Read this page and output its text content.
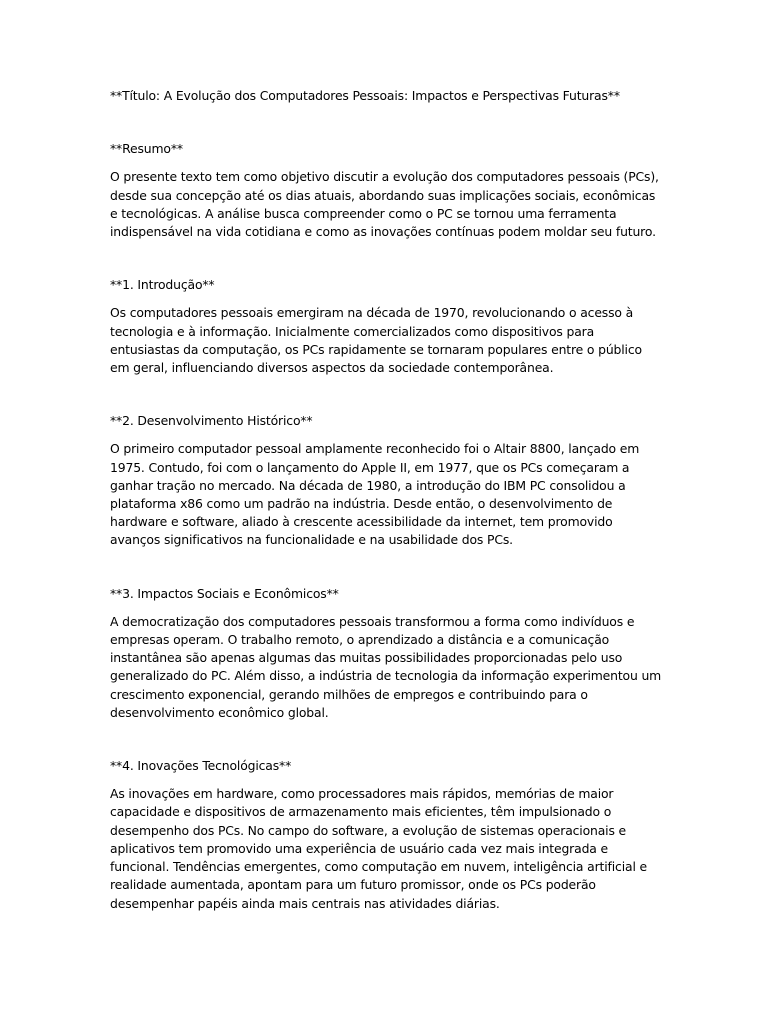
**Título: A Evolução dos Computadores Pessoais: Impactos e Perspectivas Futuras**
**Resumo**
O presente texto tem como objetivo discutir a evolução dos computadores pessoais (PCs), desde sua concepção até os dias atuais, abordando suas implicações sociais, econômicas e tecnológicas. A análise busca compreender como o PC se tornou uma ferramenta indispensável na vida cotidiana e como as inovações contínuas podem moldar seu futuro.
**1. Introdução**
Os computadores pessoais emergiram na década de 1970, revolucionando o acesso à tecnologia e à informação. Inicialmente comercializados como dispositivos para entusiastas da computação, os PCs rapidamente se tornaram populares entre o público em geral, influenciando diversos aspectos da sociedade contemporânea.
**2. Desenvolvimento Histórico**
O primeiro computador pessoal amplamente reconhecido foi o Altair 8800, lançado em 1975. Contudo, foi com o lançamento do Apple II, em 1977, que os PCs começaram a ganhar tração no mercado. Na década de 1980, a introdução do IBM PC consolidou a plataforma x86 como um padrão na indústria. Desde então, o desenvolvimento de hardware e software, aliado à crescente acessibilidade da internet, tem promovido avanços significativos na funcionalidade e na usabilidade dos PCs.
**3. Impactos Sociais e Econômicos**
A democratização dos computadores pessoais transformou a forma como indivíduos e empresas operam. O trabalho remoto, o aprendizado a distância e a comunicação instantânea são apenas algumas das muitas possibilidades proporcionadas pelo uso generalizado do PC. Além disso, a indústria de tecnologia da informação experimentou um crescimento exponencial, gerando milhões de empregos e contribuindo para o desenvolvimento econômico global.
**4. Inovações Tecnológicas**
As inovações em hardware, como processadores mais rápidos, memórias de maior capacidade e dispositivos de armazenamento mais eficientes, têm impulsionado o desempenho dos PCs. No campo do software, a evolução de sistemas operacionais e aplicativos tem promovido uma experiência de usuário cada vez mais integrada e funcional. Tendências emergentes, como computação em nuvem, inteligência artificial e realidade aumentada, apontam para um futuro promissor, onde os PCs poderão desempenhar papéis ainda mais centrais nas atividades diárias.
